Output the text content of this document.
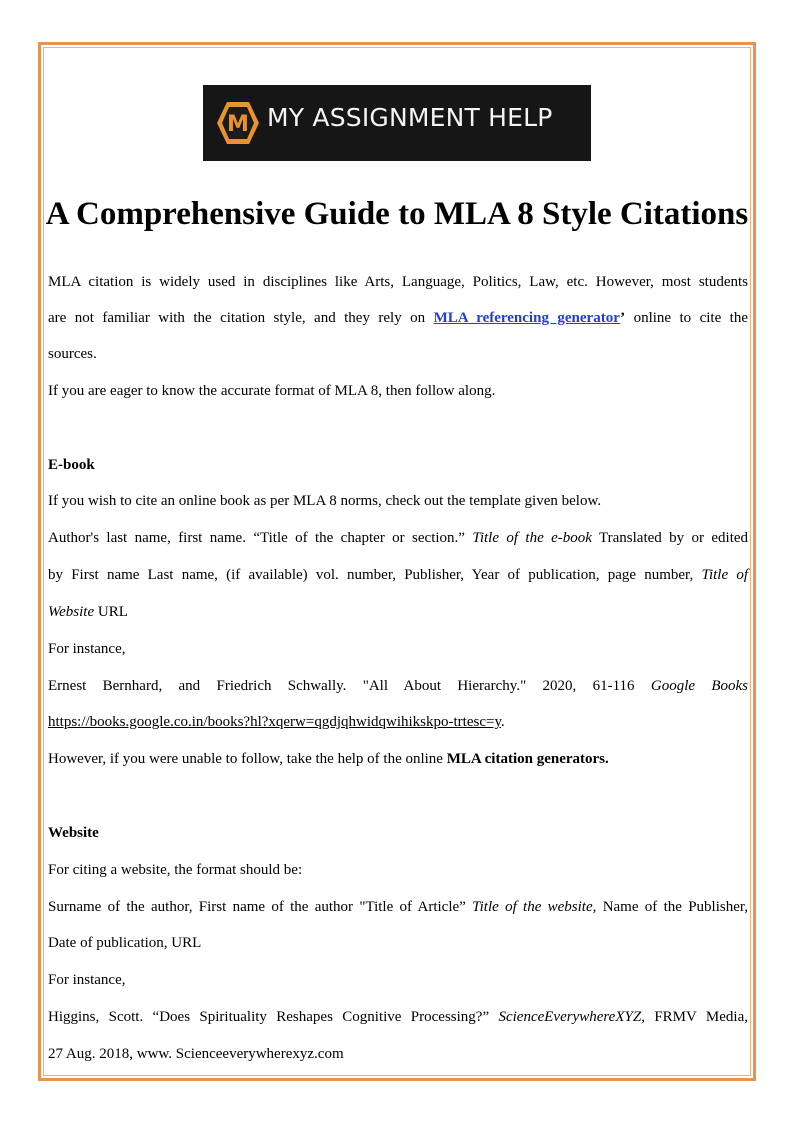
M MY ASSIGNMENT HELP
A Comprehensive Guide to MLA 8 Style Citations
MLA citation is widely used in disciplines like Arts, Language, Politics, Law, etc. However, most students
are not familiar with the citation style, and they rely on MLA referencing generator’ online to cite the
sources.
If you are eager to know the accurate format of MLA 8, then follow along.
E-book
If you wish to cite an online book as per MLA 8 norms, check out the template given below.
Author's last name, first name. “Title of the chapter or section.” Title of the e-book Translated by or edited
by First name Last name, (if available) vol. number, Publisher, Year of publication, page number, Title of
Website URL
For instance,
Ernest Bernhard, and Friedrich Schwally. "All About Hierarchy." 2020, 61-116 Google Books
https://books.google.co.in/books?hl?xqerw=qgdjqhwidqwihikskpo-trtesc=y.
However, if you were unable to follow, take the help of the online MLA citation generators.
Website
For citing a website, the format should be:
Surname of the author, First name of the author "Title of Article” Title of the website, Name of the Publisher,
Date of publication, URL
For instance,
Higgins, Scott. “Does Spirituality Reshapes Cognitive Processing?” ScienceEverywhereXYZ, FRMV Media,
27 Aug. 2018, www. Scienceeverywherexyz.com
